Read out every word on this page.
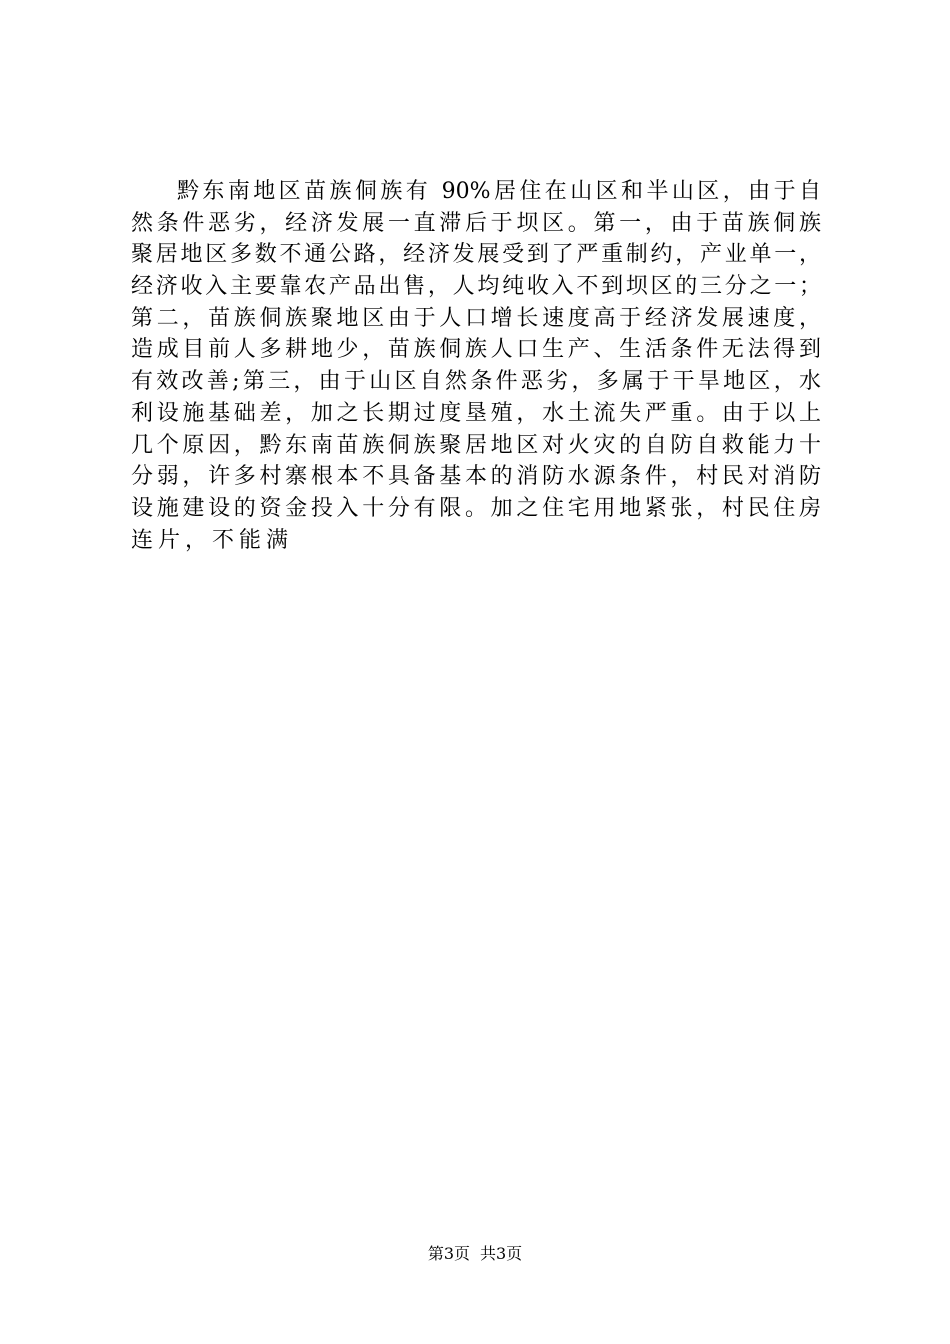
黔东南地区苗族侗族有 90%居住在山区和半山区，由于自
然条件恶劣，经济发展一直滞后于坝区。第一，由于苗族侗族
聚居地区多数不通公路，经济发展受到了严重制约，产业单一，
经济收入主要靠农产品出售，人均纯收入不到坝区的三分之一；
第二，苗族侗族聚地区由于人口增长速度高于经济发展速度，
造成目前人多耕地少，苗族侗族人口生产、生活条件无法得到
有效改善;第三，由于山区自然条件恶劣，多属于干旱地区，水
利设施基础差，加之长期过度垦殖，水土流失严重。由于以上
几个原因，黔东南苗族侗族聚居地区对火灾的自防自救能力十
分弱，许多村寨根本不具备基本的消防水源条件，村民对消防
设施建设的资金投入十分有限。加之住宅用地紧张，村民住房
连片，不能满
第3页 共3页
